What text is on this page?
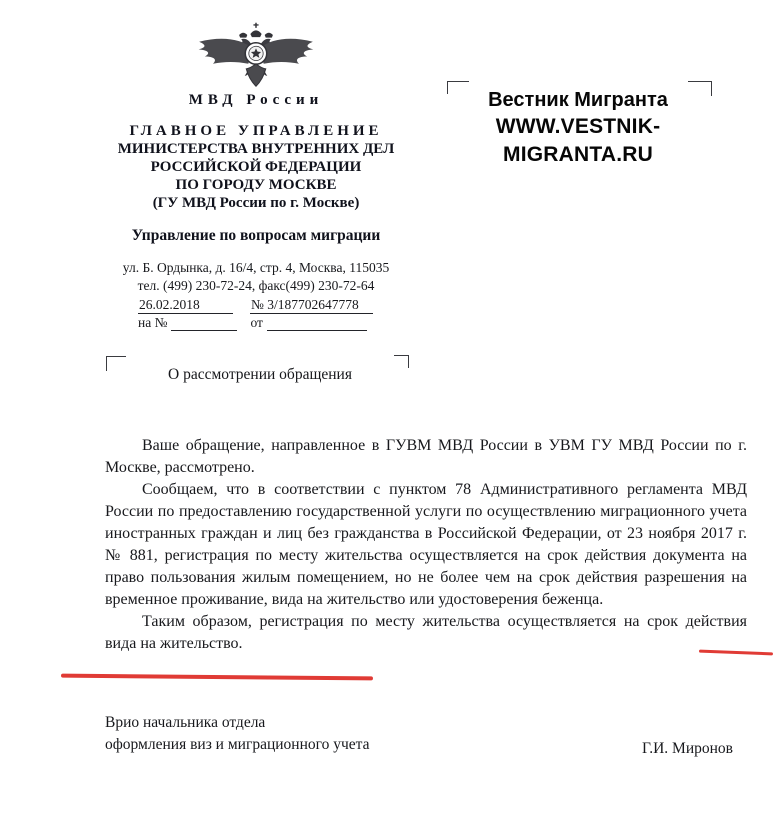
МВД России
ГЛАВНОЕ УПРАВЛЕНИЕ
МИНИСТЕРСТВА ВНУТРЕННИХ ДЕЛ
РОССИЙСКОЙ ФЕДЕРАЦИИ
ПО ГОРОДУ МОСКВЕ
(ГУ МВД России по г. Москве)
Управление по вопросам миграции
ул. Б. Ордынка, д. 16/4, стр. 4, Москва, 115035
тел. (499) 230-72-24, факс(499) 230-72-64
26.02.2018	№ 3/187702647778
на №	от
Вестник Мигранта
WWW.VESTNIK-MIGRANTA.RU
О рассмотрении обращения

Ваше обращение, направленное в ГУВМ МВД России в УВМ ГУ МВД России по г. Москве, рассмотрено.

Сообщаем, что в соответствии с пунктом 78 Административного регламента МВД России по предоставлению государственной услуги по осуществлению миграционного учета иностранных граждан и лиц без гражданства в Российской Федерации, от 23 ноября 2017 г. № 881, регистрация по месту жительства осуществляется на срок действия документа на право пользования жилым помещением, но не более чем на срок действия разрешения на временное проживание, вида на жительство или удостоверения беженца.

Таким образом, регистрация по месту жительства осуществляется на срок действия вида на жительство.

Врио начальника отдела
оформления виз и миграционного учета	Г.И. Миронов
